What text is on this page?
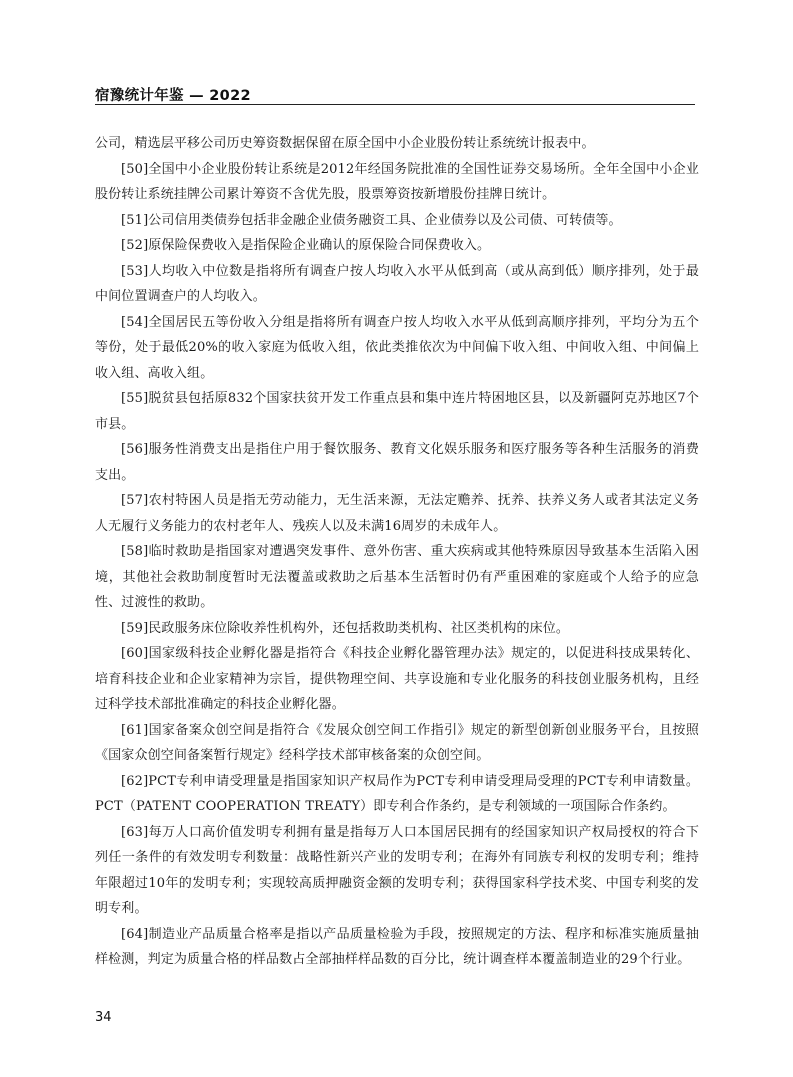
宿豫统计年鉴 — 2022

公司，精选层平移公司历史筹资数据保留在原全国中小企业股份转让系统统计报表中。

[50]全国中小企业股份转让系统是2012年经国务院批准的全国性证券交易场所。全年全国中小企业股份转让系统挂牌公司累计筹资不含优先股，股票筹资按新增股份挂牌日统计。

[51]公司信用类债券包括非金融企业债务融资工具、企业债券以及公司债、可转债等。

[52]原保险保费收入是指保险企业确认的原保险合同保费收入。

[53]人均收入中位数是指将所有调查户按人均收入水平从低到高（或从高到低）顺序排列，处于最中间位置调查户的人均收入。

[54]全国居民五等份收入分组是指将所有调查户按人均收入水平从低到高顺序排列，平均分为五个等份，处于最低20%的收入家庭为低收入组，依此类推依次为中间偏下收入组、中间收入组、中间偏上收入组、高收入组。

[55]脱贫县包括原832个国家扶贫开发工作重点县和集中连片特困地区县，以及新疆阿克苏地区7个市县。

[56]服务性消费支出是指住户用于餐饮服务、教育文化娱乐服务和医疗服务等各种生活服务的消费支出。

[57]农村特困人员是指无劳动能力，无生活来源，无法定赡养、抚养、扶养义务人或者其法定义务人无履行义务能力的农村老年人、残疾人以及未满16周岁的未成年人。

[58]临时救助是指国家对遭遇突发事件、意外伤害、重大疾病或其他特殊原因导致基本生活陷入困境，其他社会救助制度暂时无法覆盖或救助之后基本生活暂时仍有严重困难的家庭或个人给予的应急性、过渡性的救助。

[59]民政服务床位除收养性机构外，还包括救助类机构、社区类机构的床位。

[60]国家级科技企业孵化器是指符合《科技企业孵化器管理办法》规定的，以促进科技成果转化、培育科技企业和企业家精神为宗旨，提供物理空间、共享设施和专业化服务的科技创业服务机构，且经过科学技术部批准确定的科技企业孵化器。

[61]国家备案众创空间是指符合《发展众创空间工作指引》规定的新型创新创业服务平台，且按照《国家众创空间备案暂行规定》经科学技术部审核备案的众创空间。

[62]PCT专利申请受理量是指国家知识产权局作为PCT专利申请受理局受理的PCT专利申请数量。PCT（PATENT COOPERATION TREATY）即专利合作条约，是专利领域的一项国际合作条约。

[63]每万人口高价值发明专利拥有量是指每万人口本国居民拥有的经国家知识产权局授权的符合下列任一条件的有效发明专利数量：战略性新兴产业的发明专利；在海外有同族专利权的发明专利；维持年限超过10年的发明专利；实现较高质押融资金额的发明专利；获得国家科学技术奖、中国专利奖的发明专利。

[64]制造业产品质量合格率是指以产品质量检验为手段，按照规定的方法、程序和标准实施质量抽样检测，判定为质量合格的样品数占全部抽样样品数的百分比，统计调查样本覆盖制造业的29个行业。

34
